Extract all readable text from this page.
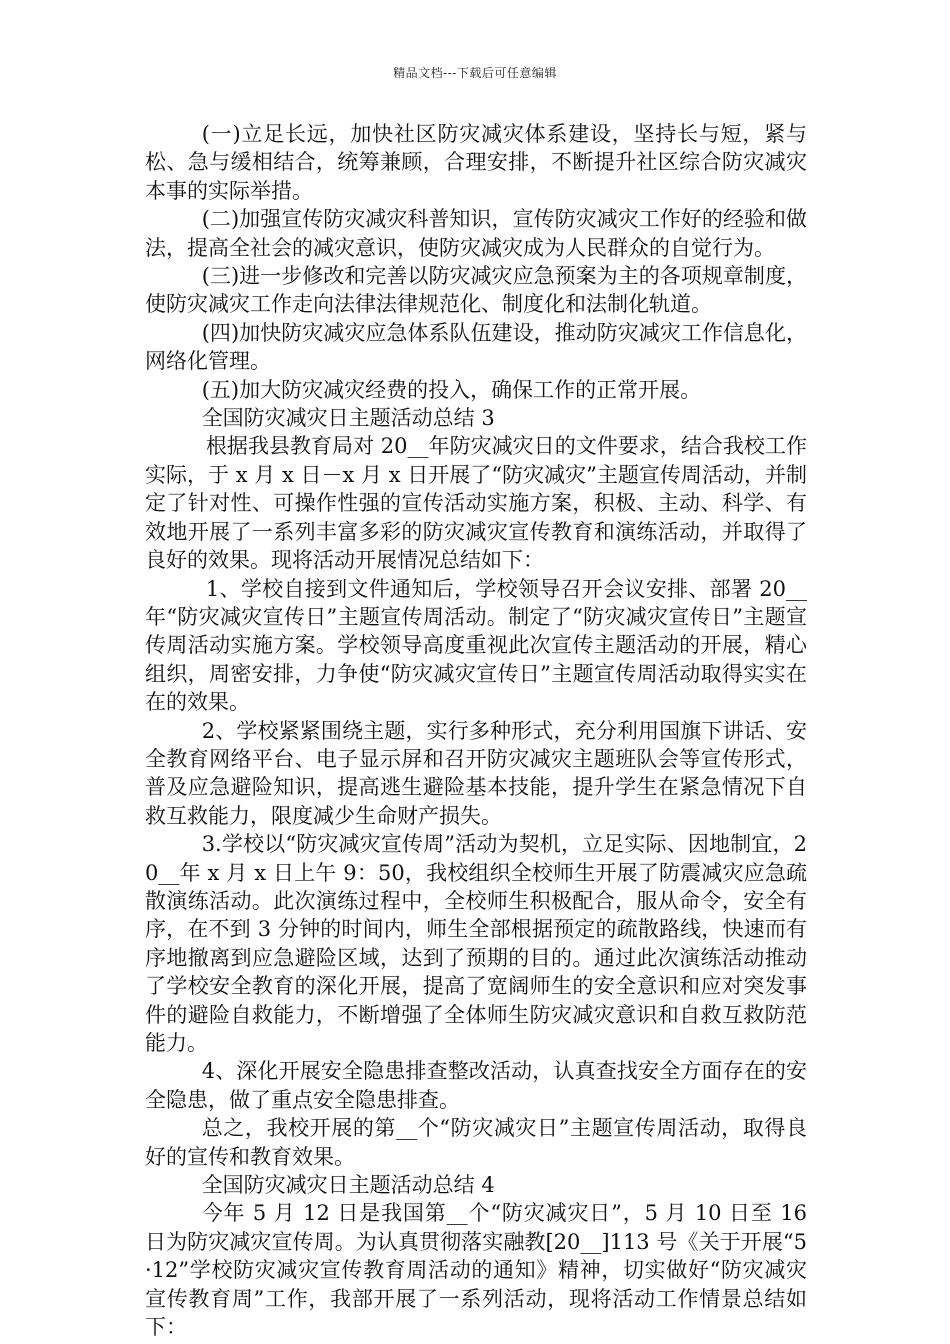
精品文档---下载后可任意编辑

(一)立足长远，加快社区防灾减灾体系建设，坚持长与短，紧与松、急与缓相结合，统筹兼顾，合理安排，不断提升社区综合防灾减灾本事的实际举措。

(二)加强宣传防灾减灾科普知识，宣传防灾减灾工作好的经验和做法，提高全社会的减灾意识，使防灾减灾成为人民群众的自觉行为。

(三)进一步修改和完善以防灾减灾应急预案为主的各项规章制度，使防灾减灾工作走向法律法律规范化、制度化和法制化轨道。

(四)加快防灾减灾应急体系队伍建设，推动防灾减灾工作信息化，网络化管理。

(五)加大防灾减灾经费的投入，确保工作的正常开展。

全国防灾减灾日主题活动总结 3

根据我县教育局对 20__年防灾减灾日的文件要求，结合我校工作实际，于 x 月 x 日－x 月 x 日开展了“防灾减灾”主题宣传周活动，并制定了针对性、可操作性强的宣传活动实施方案，积极、主动、科学、有效地开展了一系列丰富多彩的防灾减灾宣传教育和演练活动，并取得了良好的效果。现将活动开展情况总结如下：

1、学校自接到文件通知后，学校领导召开会议安排、部署 20__年“防灾减灾宣传日”主题宣传周活动。制定了“防灾减灾宣传日”主题宣传周活动实施方案。学校领导高度重视此次宣传主题活动的开展，精心组织，周密安排，力争使“防灾减灾宣传日”主题宣传周活动取得实实在在的效果。

2、学校紧紧围绕主题，实行多种形式，充分利用国旗下讲话、安全教育网络平台、电子显示屏和召开防灾减灾主题班队会等宣传形式，普及应急避险知识，提高逃生避险基本技能，提升学生在紧急情况下自救互救能力，限度减少生命财产损失。

3.学校以“防灾减灾宣传周”活动为契机，立足实际、因地制宜，20__年 x 月 x 日上午 9：50，我校组织全校师生开展了防震减灾应急疏散演练活动。此次演练过程中，全校师生积极配合，服从命令，安全有序，在不到 3 分钟的时间内，师生全部根据预定的疏散路线，快速而有序地撤离到应急避险区域，达到了预期的目的。通过此次演练活动推动了学校安全教育的深化开展，提高了宽阔师生的安全意识和应对突发事件的避险自救能力，不断增强了全体师生防灾减灾意识和自救互救防范能力。

4、深化开展安全隐患排查整改活动，认真查找安全方面存在的安全隐患，做了重点安全隐患排查。

总之，我校开展的第__个“防灾减灾日”主题宣传周活动，取得良好的宣传和教育效果。

全国防灾减灾日主题活动总结 4

今年 5 月 12 日是我国第__个“防灾减灾日”，5 月 10 日至 16 日为防灾减灾宣传周。为认真贯彻落实融教[20__]113 号《关于开展“5·12”学校防灾减灾宣传教育周活动的通知》精神，切实做好“防灾减灾宣传教育周”工作，我部开展了一系列活动，现将活动工作情景总结如下：
